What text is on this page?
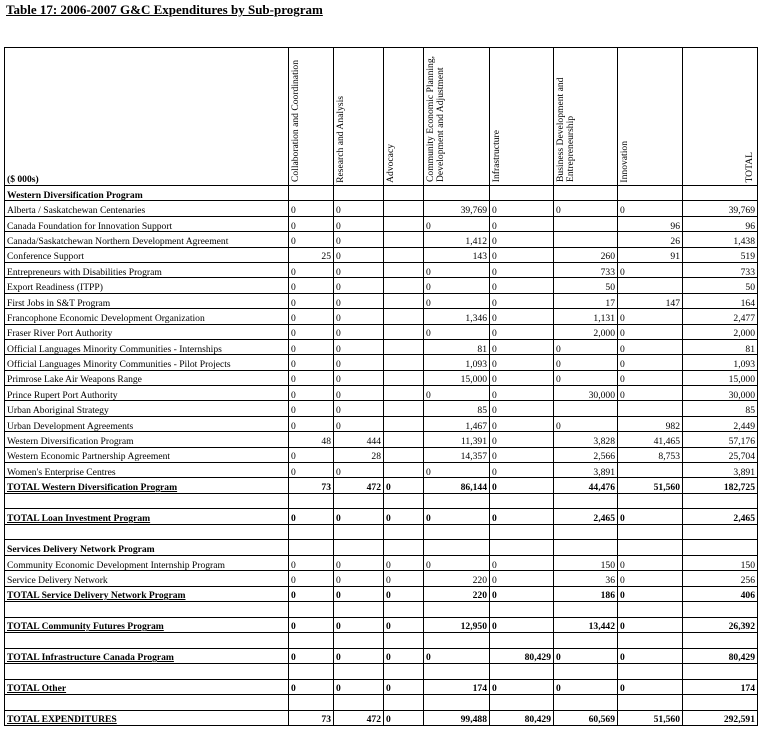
Table 17: 2006-2007 G&C Expenditures by Sub-program
($ 000s)	Collaboration and Coordination	Research and Analysis	Advocacy	Community Economic Planning, Development and Adjustment	Infrastructure	Business Development and Entrepreneurship	Innovation	TOTAL
Western Diversification Program								
Alberta / Saskatchewan Centenaries	0	0		39,769	0	0	0	39,769
Canada Foundation for Innovation Support	0	0		0	0		96	96
Canada/Saskatchewan Northern Development Agreement	0	0		1,412	0		26	1,438
Conference Support	25	0		143	0	260	91	519
Entrepreneurs with Disabilities Program	0	0		0	0	733	0	733
Export Readiness (ITPP)	0	0		0	0	50		50
First Jobs in S&T Program	0	0		0	0	17	147	164
Francophone Economic Development Organization	0	0		1,346	0	1,131	0	2,477
Fraser River Port Authority	0	0		0	0	2,000	0	2,000
Official Languages Minority Communities - Internships	0	0		81	0	0	0	81
Official Languages Minority Communities - Pilot Projects	0	0		1,093	0	0	0	1,093
Primrose Lake Air Weapons Range	0	0		15,000	0	0	0	15,000
Prince Rupert Port Authority	0	0		0	0	30,000	0	30,000
Urban Aboriginal Strategy	0	0		85	0			85
Urban Development Agreements	0	0		1,467	0	0	982	2,449
Western Diversification Program	48	444		11,391	0	3,828	41,465	57,176
Western Economic Partnership Agreement	0	28		14,357	0	2,566	8,753	25,704
Women's Enterprise Centres	0	0		0	0	3,891		3,891
TOTAL Western Diversification Program	73	472	0	86,144	0	44,476	51,560	182,725

TOTAL Loan Investment Program	0	0	0	0	0	2,465	0	2,465

Services Delivery Network Program								
Community Economic Development Internship Program	0	0	0	0	0	150	0	150
Service Delivery Network	0	0	0	220	0	36	0	256
TOTAL Service Delivery Network Program	0	0	0	220	0	186	0	406

TOTAL Community Futures Program	0	0	0	12,950	0	13,442	0	26,392

TOTAL Infrastructure Canada Program	0	0	0	0	80,429	0	0	80,429

TOTAL Other	0	0	0	174	0	0	0	174

TOTAL EXPENDITURES	73	472	0	99,488	80,429	60,569	51,560	292,591
